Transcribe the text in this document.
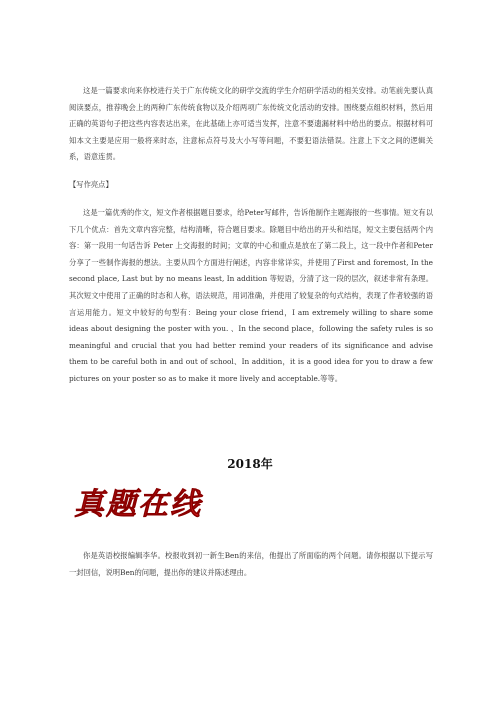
这是一篇要求向来你校进行关于广东传统文化的研学交流的学生介绍研学活动的相关安排。动笔前先要认真阅读要点，推荐晚会上的两种广东传统食物以及介绍两项广东传统文化活动的安排。围绕要点组织材料，然后用正确的英语句子把这些内容表达出来，在此基础上亦可适当发挥，注意不要遗漏材料中给出的要点。根据材料可知本文主要是应用一般将来时态，注意标点符号及大小写等问题，不要犯语法错误。注意上下文之间的逻辑关系，语意连贯。

【写作亮点】

这是一篇优秀的作文，短文作者根据题目要求，给Peter写邮件，告诉他制作主题海报的一些事情。短文有以下几个优点：首先文章内容完整，结构清晰，符合题目要求。除题目中给出的开头和结尾，短文主要包括两个内容：第一段用一句话告诉 Peter 上交海报的时间；文章的中心和重点是放在了第二段上，这一段中作者和Peter分享了一些制作海报的想法。主要从四个方面进行阐述，内容非常详实，并使用了First and foremost, In the second place, Last but by no means least, In addition 等短语，分清了这一段的层次，叙述非常有条理。其次短文中使用了正确的时态和人称，语法规范，用词准确，并使用了较复杂的句式结构，表现了作者较强的语言运用能力。短文中较好的句型有：Being your close friend，I am extremely willing to share some ideas about designing the poster with you. 、In the second place，following the safety rules is so meaningful and crucial that you had better remind your readers of its significance and advise them to be careful both in and out of school、In addition，it is a good idea for you to draw a few pictures on your poster so as to make it more lively and acceptable.等等。

2018年

真题在线

你是英语校报编辑李华。校报收到初一新生Ben的来信，他提出了所面临的两个问题。请你根据以下提示写一封回信，说明Ben的问题，提出你的建议并陈述理由。
